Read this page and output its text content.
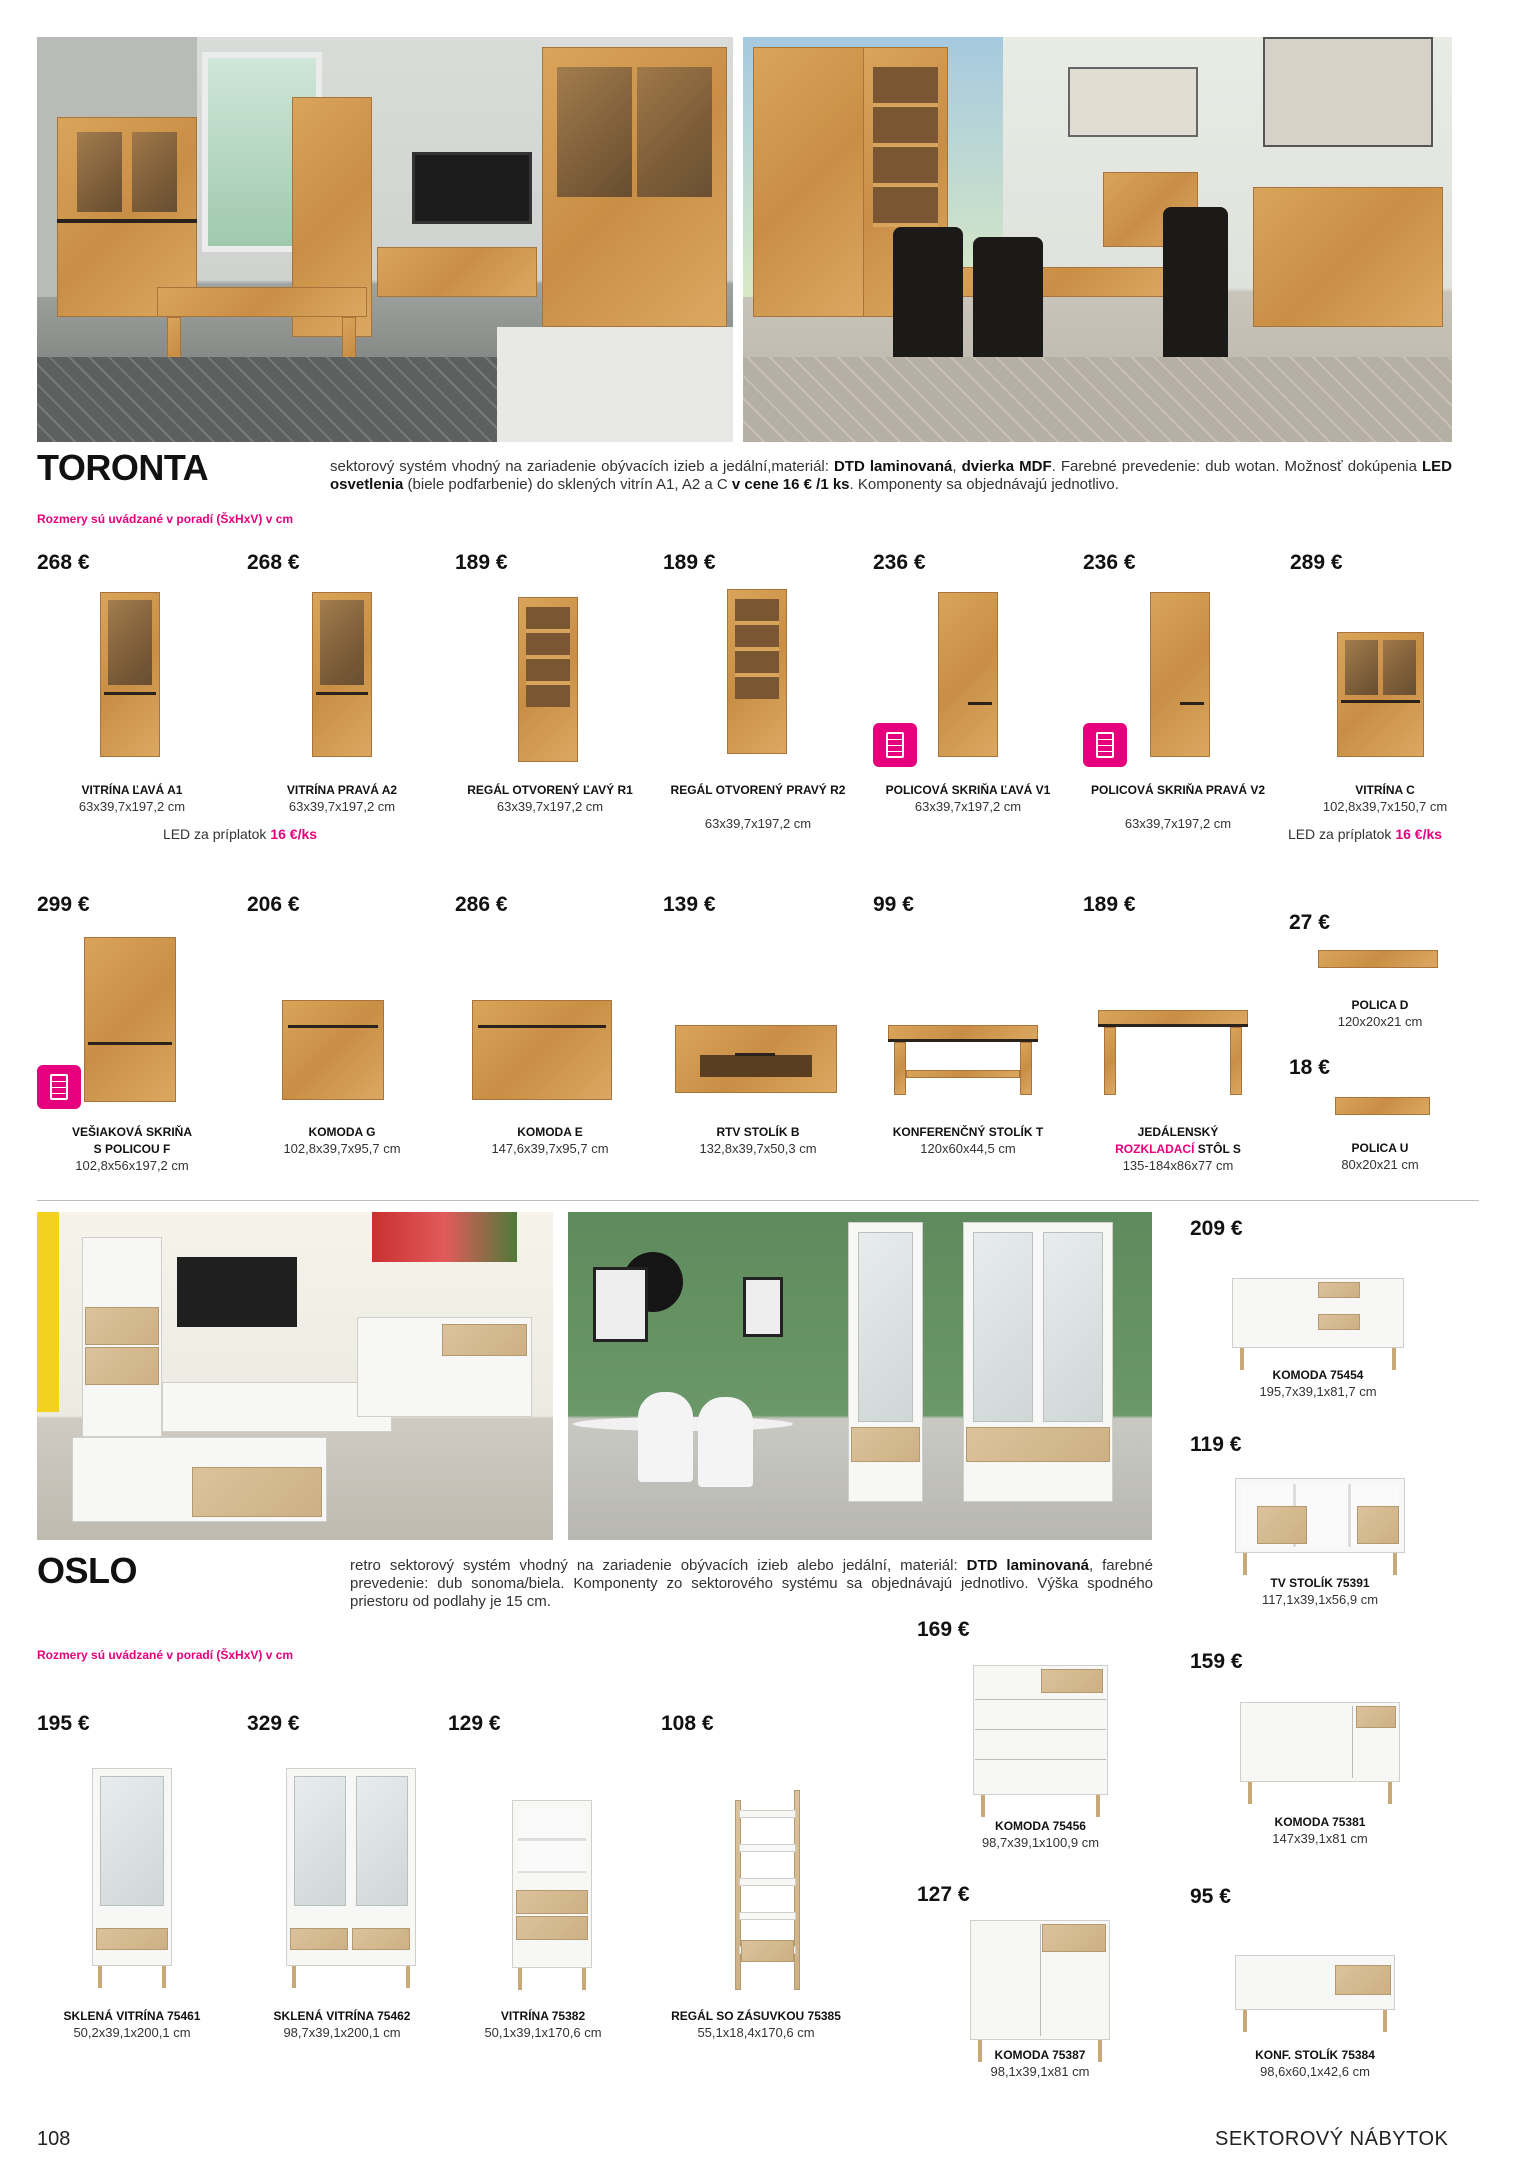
TORONTA	sektorový systém vhodný na zariadenie obývacích izieb a jedální,materiál: DTD laminovaná, dvierka MDF. Farebné prevedenie: dub wotan. Možnosť dokúpenia LED osvetlenia (biele podfarbenie) do sklených vitrín A1, A2 a C v cene 16 € /1 ks. Komponenty sa objednávajú jednotlivo.
Rozmery sú uvádzané v poradí (ŠxHxV) v cm
LED za príplatok 16 €/ks	LED za príplatok 16 €/ks
27 €
POLICA D
120x20x21 cm
18 €
POLICA U
80x20x21 cm
OSLO	retro sektorový systém vhodný na zariadenie obývacích izieb alebo jedální, materiál: DTD laminovaná, farebné prevedenie: dub sonoma/biela. Komponenty zo sektorového systému sa objednávajú jednotlivo. Výška spodného priestoru od podlahy je 15 cm.
Rozmery sú uvádzané v poradí (ŠxHxV) v cm
108	SEKTOROVÝ NÁBYTOK
268 €
VITRÍNA ĽAVÁ A1
63x39,7x197,2 cm
268 €
VITRÍNA PRAVÁ A2
63x39,7x197,2 cm
189 €
REGÁL OTVORENÝ ĽAVÝ R1
63x39,7x197,2 cm
189 €
REGÁL OTVORENÝ PRAVÝ R2
63x39,7x197,2 cm
236 €
POLICOVÁ SKRIŇA ĽAVÁ V1
63x39,7x197,2 cm
236 €
POLICOVÁ SKRIŇA PRAVÁ V2
63x39,7x197,2 cm
289 €
VITRÍNA C
102,8x39,7x150,7 cm
299 €
VEŠIAKOVÁ SKRIŇA
S POLICOU F
102,8x56x197,2 cm
206 €
KOMODA G
102,8x39,7x95,7 cm
286 €
KOMODA E
147,6x39,7x95,7 cm
139 €
RTV STOLÍK B
132,8x39,7x50,3 cm
99 €
KONFERENČNÝ STOLÍK T
120x60x44,5 cm
189 €
JEDÁLENSKÝ
ROZKLADACÍ STÔL S
135-184x86x77 cm
195 €
SKLENÁ VITRÍNA 75461
50,2x39,1x200,1 cm
329 €
SKLENÁ VITRÍNA 75462
98,7x39,1x200,1 cm
129 €
VITRÍNA 75382
50,1x39,1x170,6 cm
108 €
REGÁL SO ZÁSUVKOU 75385
55,1x18,4x170,6 cm
169 €
KOMODA 75456
98,7x39,1x100,9 cm
127 €
KOMODA 75387
98,1x39,1x81 cm
209 €
KOMODA 75454
195,7x39,1x81,7 cm
119 €
TV STOLÍK 75391
117,1x39,1x56,9 cm
159 €
KOMODA 75381
147x39,1x81 cm
95 €
KONF. STOLÍK 75384
98,6x60,1x42,6 cm
